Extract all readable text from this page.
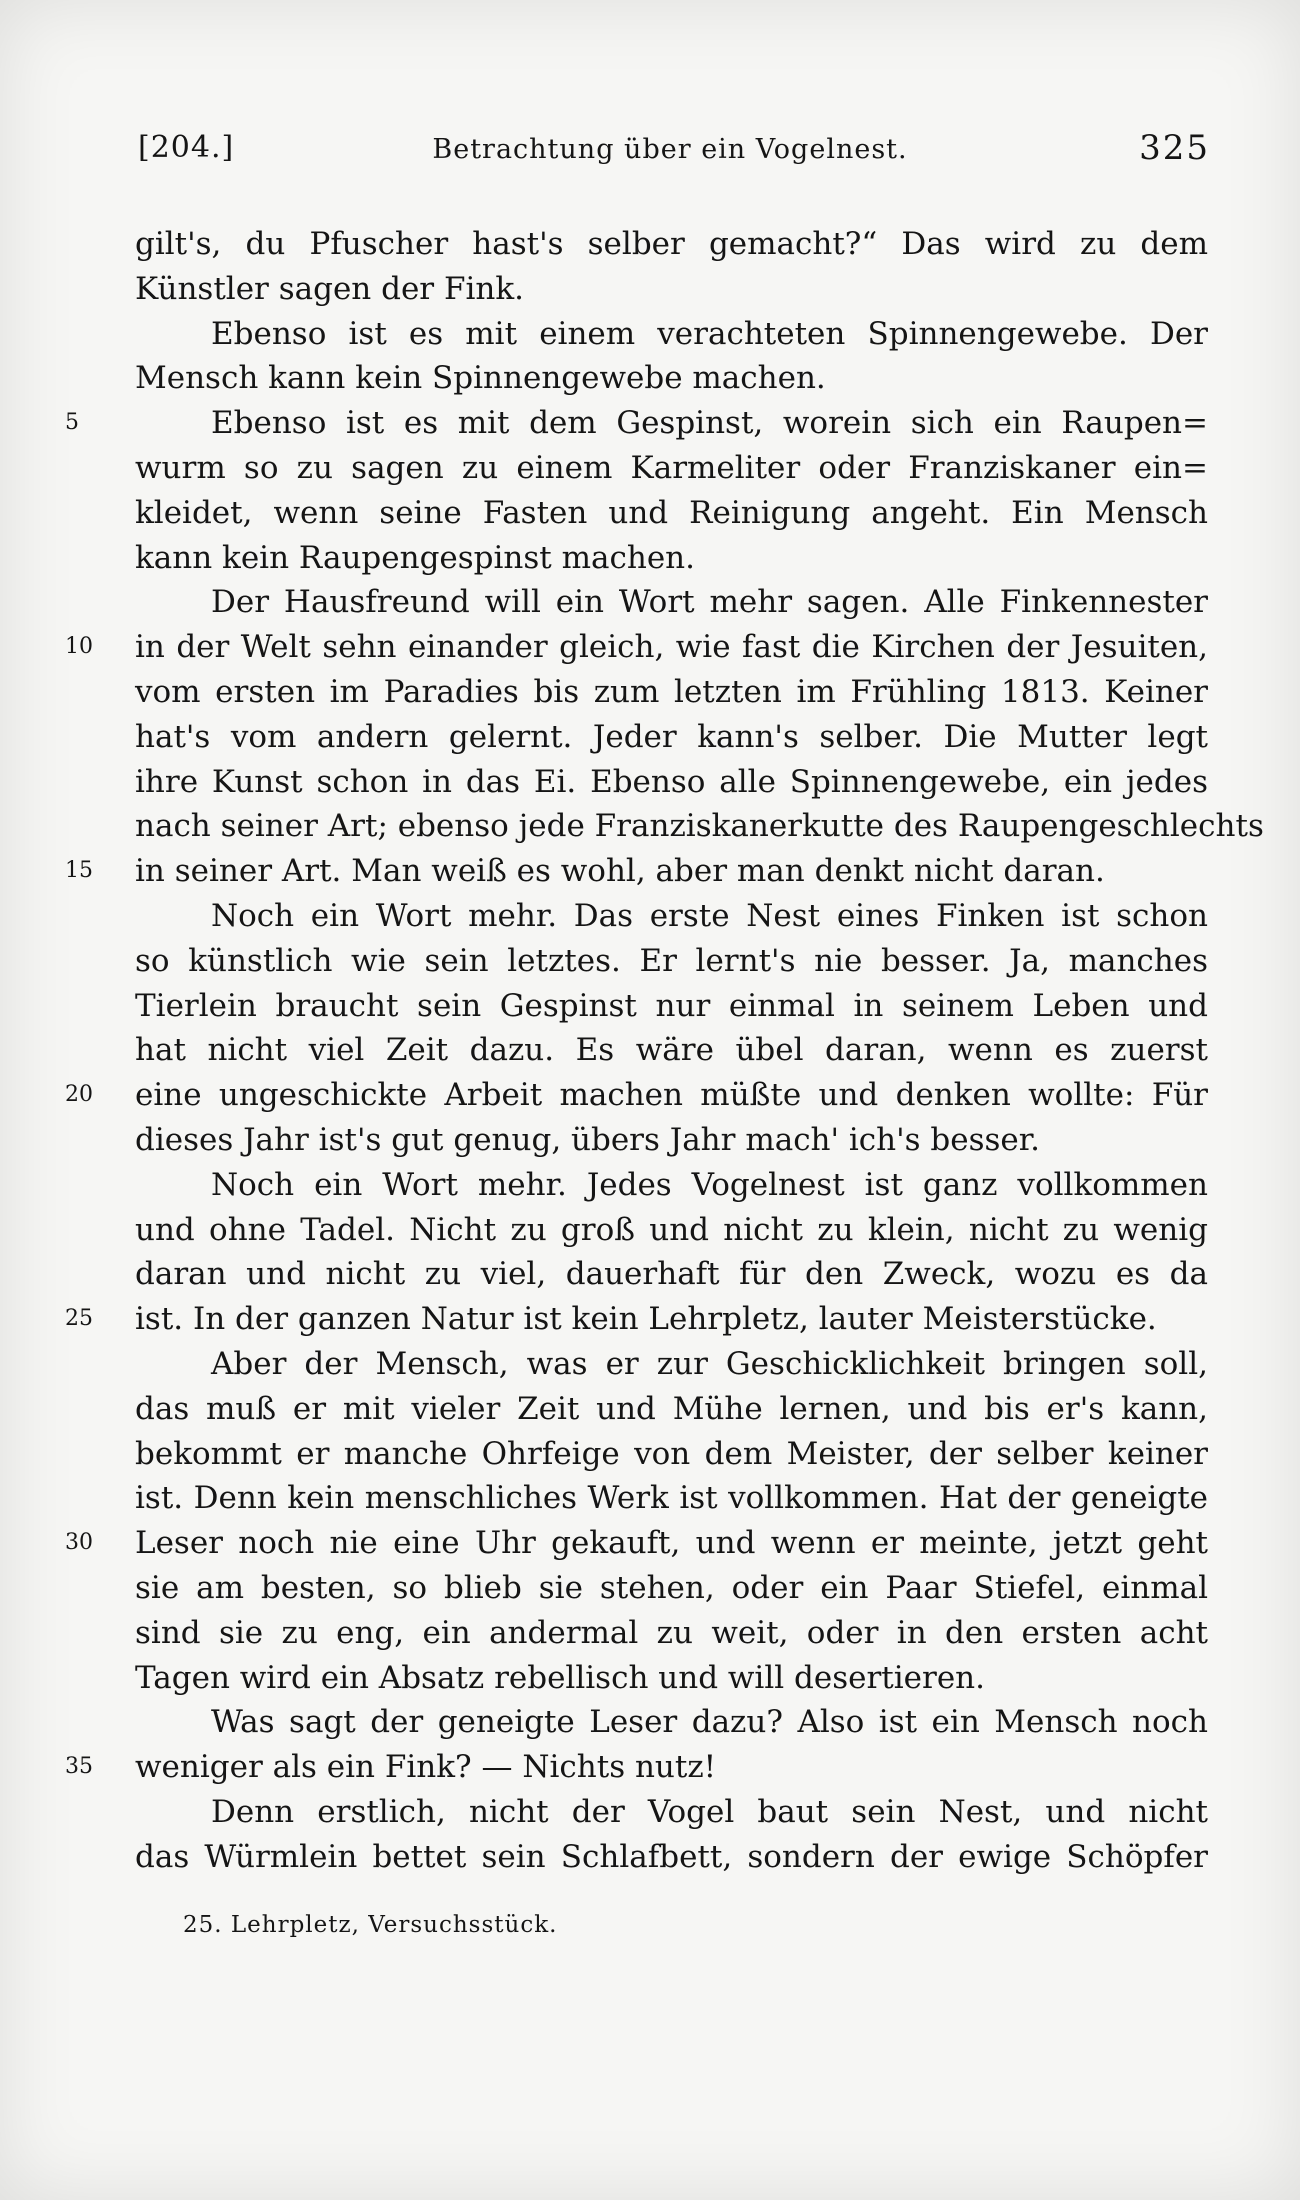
[204.]	Betrachtung über ein Vogelnest.	325
gilt's, du Pfuscher hast's selber gemacht?“ Das wird zu dem
Künstler sagen der Fink.
Ebenso ist es mit einem verachteten Spinnengewebe. Der
Mensch kann kein Spinnengewebe machen.
5	Ebenso ist es mit dem Gespinst, worein sich ein Raupen=
wurm so zu sagen zu einem Karmeliter oder Franziskaner ein=
kleidet, wenn seine Fasten und Reinigung angeht. Ein Mensch
kann kein Raupengespinst machen.
Der Hausfreund will ein Wort mehr sagen. Alle Finkennester
10	in der Welt sehn einander gleich, wie fast die Kirchen der Jesuiten,
vom ersten im Paradies bis zum letzten im Frühling 1813. Keiner
hat's vom andern gelernt. Jeder kann's selber. Die Mutter legt
ihre Kunst schon in das Ei. Ebenso alle Spinnengewebe, ein jedes
nach seiner Art; ebenso jede Franziskanerkutte des Raupengeschlechts
15	in seiner Art. Man weiß es wohl, aber man denkt nicht daran.
Noch ein Wort mehr. Das erste Nest eines Finken ist schon
so künstlich wie sein letztes. Er lernt's nie besser. Ja, manches
Tierlein braucht sein Gespinst nur einmal in seinem Leben und
hat nicht viel Zeit dazu. Es wäre übel daran, wenn es zuerst
20	eine ungeschickte Arbeit machen müßte und denken wollte: Für
dieses Jahr ist's gut genug, übers Jahr mach' ich's besser.
Noch ein Wort mehr. Jedes Vogelnest ist ganz vollkommen
und ohne Tadel. Nicht zu groß und nicht zu klein, nicht zu wenig
daran und nicht zu viel, dauerhaft für den Zweck, wozu es da
25	ist. In der ganzen Natur ist kein Lehrpletz, lauter Meisterstücke.
Aber der Mensch, was er zur Geschicklichkeit bringen soll,
das muß er mit vieler Zeit und Mühe lernen, und bis er's kann,
bekommt er manche Ohrfeige von dem Meister, der selber keiner
ist. Denn kein menschliches Werk ist vollkommen. Hat der geneigte
30	Leser noch nie eine Uhr gekauft, und wenn er meinte, jetzt geht
sie am besten, so blieb sie stehen, oder ein Paar Stiefel, einmal
sind sie zu eng, ein andermal zu weit, oder in den ersten acht
Tagen wird ein Absatz rebellisch und will desertieren.
Was sagt der geneigte Leser dazu? Also ist ein Mensch noch
35	weniger als ein Fink? — Nichts nutz!
Denn erstlich, nicht der Vogel baut sein Nest, und nicht
das Würmlein bettet sein Schlafbett, sondern der ewige Schöpfer
25. Lehrpletz, Versuchsstück.
